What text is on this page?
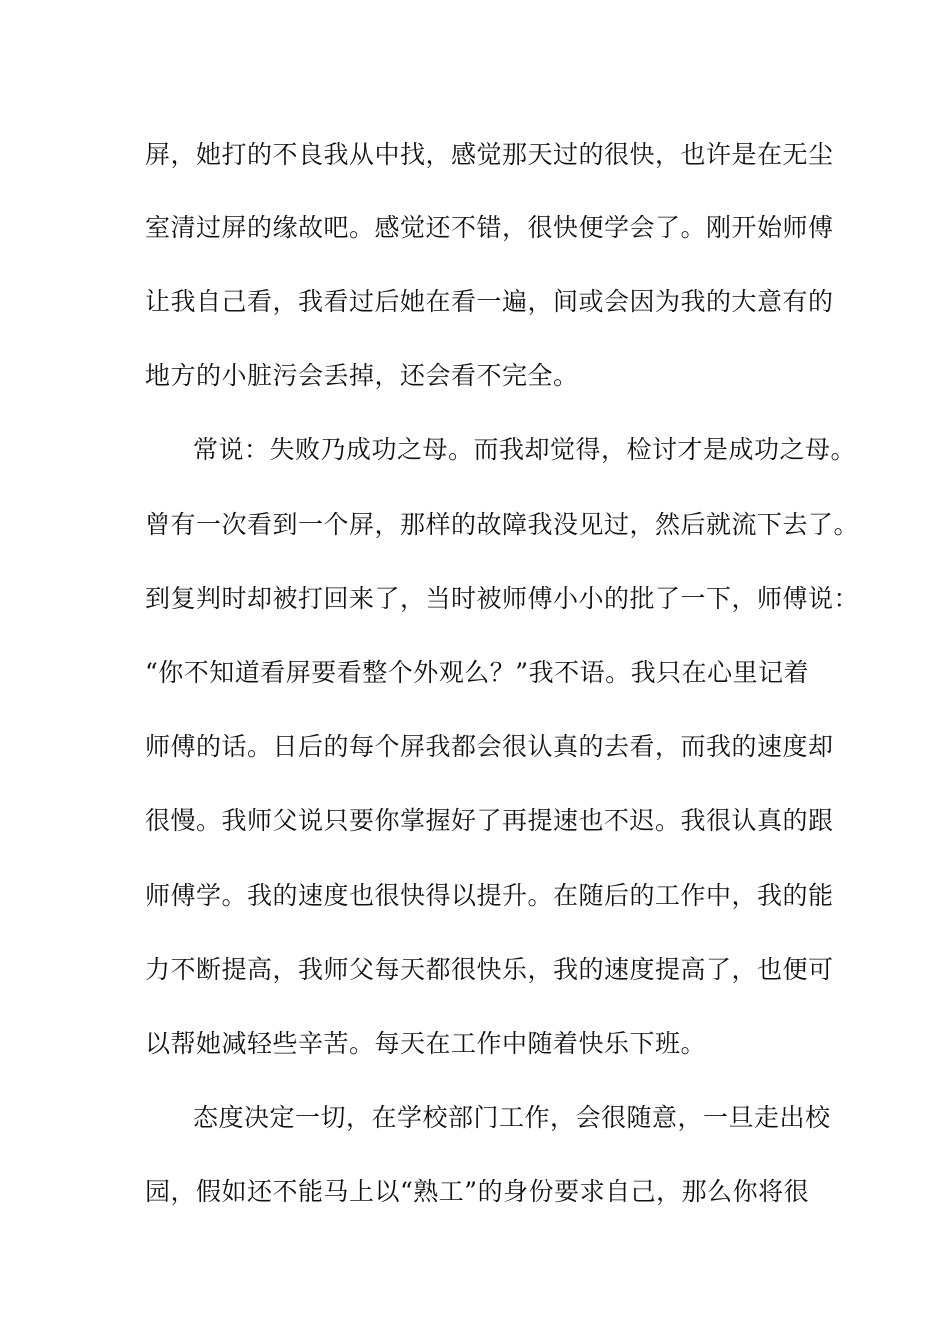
屏，她打的不良我从中找，感觉那天过的很快，也许是在无尘
室清过屏的缘故吧。感觉还不错，很快便学会了。刚开始师傅
让我自己看，我看过后她在看一遍，间或会因为我的大意有的
地方的小脏污会丢掉，还会看不完全。
常说：失败乃成功之母。而我却觉得，检讨才是成功之母。
曾有一次看到一个屏，那样的故障我没见过，然后就流下去了。
到复判时却被打回来了，当时被师傅小小的批了一下，师傅说：
“你不知道看屏要看整个外观么？”我不语。我只在心里记着
师傅的话。日后的每个屏我都会很认真的去看，而我的速度却
很慢。我师父说只要你掌握好了再提速也不迟。我很认真的跟
师傅学。我的速度也很快得以提升。在随后的工作中，我的能
力不断提高，我师父每天都很快乐，我的速度提高了，也便可
以帮她减轻些辛苦。每天在工作中随着快乐下班。
态度决定一切，在学校部门工作，会很随意，一旦走出校
园，假如还不能马上以“熟工”的身份要求自己，那么你将很
